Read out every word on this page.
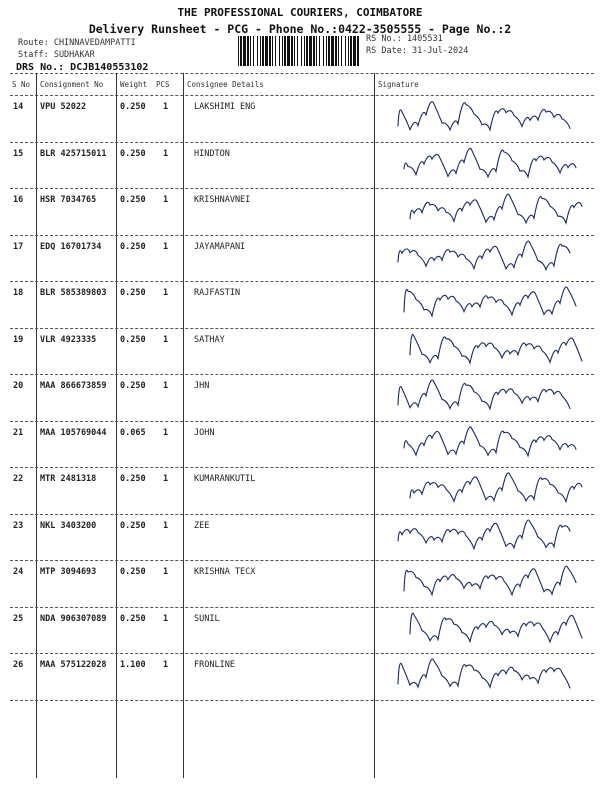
THE PROFESSIONAL COURIERS, COIMBATORE
Delivery Runsheet - PCG - Phone No.:0422-3505555 - Page No.:2
Route: CHINNAVEDAMPATTI
Staff: SUDHAKAR
DRS No.: DCJB140553102
RS No.: 1405531
RS Date: 31-Jul-2024
S No Consignment No Weight PCS Consignee Details	Signature
14 VPU 52022	0.250 1	LAKSHIMI ENG
15 BLR 425715011 0.250 1	HINDTON
16 HSR 7034765	0.250 1	KRISHNAVNEI
17 EDQ 16701734 0.250 1	JAYAMAPANI
18 BLR 585389803 0.250 1	RAJFASTIN
19 VLR 4923335	0.250 1	SATHAY
20 MAA 866673859 0.250 1	JHN
21 MAA 105769044 0.065 1	JOHN
22 MTR 2481318	0.250 1	KUMARANKUTIL
23 NKL 3403200	0.250 1	ZEE
24 MTP 3094693	0.250 1	KRISHNA TECX
25 NDA 906307089 0.250 1	SUNIL
26 MAA 575122028 1.100 1	FRONLINE
